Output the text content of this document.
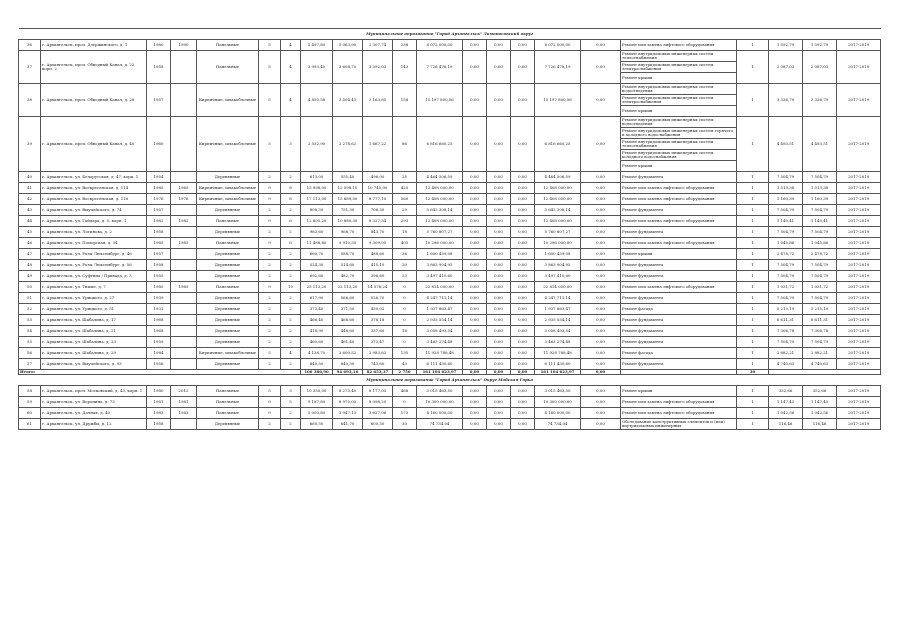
Муниципальное образование "Город Архангельск" Ломоносовский округ																					
36	г. Архангельск, прсп. Дзержинского, д. 1	1980	1990	Панельные	5	4	5 497,80	5 063,90	2 307,74	238	8 072 000,00	0,00	0,00	0,00	8 072 000,00	0,00	Ремонт или замена лифтового оборудования	1	1 592,79	1 592,79	2017-2019
37	г. Архангельск, прсп. Обводный Канал, д. 22, корп. 2	1958		Панельные	5	4	3 993,40	3 608,70	3 392,03	143	7 726 478,19	0,00	0,00	0,00	7 726 478,19	0,00	Ремонт внутридомовых инженерных систем теплоснабжения	1	2 087,03	2 087,03	2017-2019
																	Ремонт внутридомовых инженерных систем электроснабжения				
																	Ремонт крыши				
38	г. Архангельск, прсп. Обводный Канал, д. 28	1957		Кирпичные, шлакоблочные	5	4	4 850,58	3 504,43	3 163,85	158	15 197 800,56	0,00	0,00	0,00	15 197 800,56	0,00	Ремонт внутридомовых инженерных систем водоотведения	1	3 336,79	3 336,79	2017-2019
																	Ремонт внутридомовых инженерных систем электроснабжения				
																	Ремонт крыши				
39	г. Архангельск, прсп. Обводный Канал, д. 40	1960		Кирпичные, шлакоблочные	5	3	2 552,90	2 278,62	1 667,22	86	6 816 660,25	0,00	0,00	0,00	6 816 660,25	0,00	Ремонт внутридомовых инженерных систем водоотведения	1	4 493,51	4 493,51	2017-2019
																	Ремонт внутридомовых инженерных систем горячего и холодного водоснабжения				
																	Ремонт внутридомовых инженерных систем теплоснабжения				
																	Ремонт внутридомовых инженерных систем холодного водоснабжения				
																	Ремонт крыши				
40	г. Архангельск, ул. Белорусская, д. 47, корп. 1	1954		Деревянные	2	2	613,00	555,40	496,00	25	4 464 506,59	0,00	0,00	0,00	4 464 506,59	0,00	Ремонт фундамента	1	7 504,79	7 504,79	2017-2019
41	г. Архангельск, ул. Воскресенская, д. 114	1985	1985	Кирпичные, шлакоблочные	9	8	15 998,00	12 598,10	10 745,00	425	12 408 000,00	0,00	0,00	0,00	12 408 000,00	0,00	Ремонт или замена лифтового оборудования	1	1 513,38	1 513,38	2017-2019
42	г. Архангельск, ул. Воскресенская, д. 116	1976	1976	Кирпичные, шлакоблочные	9	8	17 113,00	15 689,50	8 777,10	560	12 408 000,00	0,00	0,00	0,00	12 408 000,00	0,00	Ремонт или замена лифтового оборудования	1	1 160,39	1 160,39	2017-2019
43	г. Архангельск, ул. Выучейского, д. 74	1957		Деревянные	2	2	808,50	751,30	706,30	29	5 642 308,14	0,00	0,00	0,00	5 642 308,14	0,00	Ремонт фундамента	1	7 504,79	7 504,79	2017-2019
44	г. Архангельск, ул. Гайдара, д. 5, корп. 1	1982	1982	Панельные	9	6	12 895,20	10 880,30	8 327,34	293	12 408 000,00	0,00	0,00	0,00	12 408 000,00	0,00	Ремонт или замена лифтового оборудования	1	1 140,41	1 140,41	2017-2019
45	г. Архангельск, ул. Логинова, д. 2	1958		Деревянные	2	2	983,60	968,70	843,70	18	5 760 807,27	0,00	0,00	0,00	5 760 807,27	0,00	Ремонт фундамента	1	7 504,79	7 504,79	2017-2019
46	г. Архангельск, ул. Поморская, д. 34	1985	1985	Панельные	9	6	11 488,80	9 910,50	9 309,95	405	10 296 000,00	0,00	0,00	0,00	10 296 000,00	0,00	Ремонт или замена лифтового оборудования	1	1 045,86	1 045,86	2017-2019
47	г. Архангельск, ул. Розы Люксембург, д. 46	1957		Деревянные	2	2	660,70	588,70	488,60	36	1 600 459,08	0,00	0,00	0,00	1 600 459,08	0,00	Ремонт крыши	1	2 478,72	2 478,72	2017-2019
48	г. Архангельск, ул. Розы Люксембург, д. 56	1958		Деревянные	2	2	524,30	514,80	415,10	20	3 863 904,95	0,00	0,00	0,00	3 863 904,95	0,00	Ремонт фундамента	1	7 504,79	7 504,79	2017-2019
49	г. Архангельск, ул. Суфтина / Привада, д. 3	1955		Деревянные	2	2	692,60	482,70	396,60	23	3 497 410,60	0,00	0,00	0,00	3 497 410,60	0,00	Ремонт фундамента	1	7 504,79	7 504,79	2017-2019
50	г. Архангельск, ул. Тимме, д. 7	1985	1985	Панельные	9	10	25 113,20	22 113,20	14 578,24	0	22 814 000,00	0,00	0,00	0,00	22 814 000,00	0,00	Ремонт или замена лифтового оборудования	1	1 031,72	1 031,72	2017-2019
51	г. Архангельск, ул. Урицкого, д. 27	1939		Деревянные	2	2	617,90	566,60	526,70	0	4 247 711,14	0,00	0,00	0,00	4 247 711,14	0,00	Ремонт фундамента	1	7 504,79	7 504,79	2017-2019
52	г. Архангельск, ул. Урицкого, д. 51	1931		Деревянные	2	2	373,40	371,50	430,02	0	1 937 863,47	0,00	0,00	0,00	1 937 863,47	0,00	Ремонт фасада	1	5 215,19	5 215,19	2017-2019
53	г. Архангельск, ул. Шабалина, д. 17	1968		Деревянные	2	2	466,40	468,60	378,18	0	2 935 554,14	0,00	0,00	0,00	2 935 554,14	0,00	Ремонт фундамента	1	6 611,31	6 611,31	2017-2019
54	г. Архангельск, ул. Шабалина, д. 21	1968		Деревянные	2	2	418,90	448,60	337,60	18	3 058 493,54	0,00	0,00	0,00	3 058 493,54	0,00	Ремонт фундамента	1	7 306,78	7 306,78	2017-2019
55	г. Архангельск, ул. Шабалина, д. 23	1959		Деревянные	2	2	460,60	461,40	373,47	0	3 463 274,48	0,00	0,00	0,00	3 463 274,48	0,00	Ремонт фундамента	1	7 504,79	7 504,79	2017-2019
56	г. Архангельск, ул. Шабалина, д. 29	1984		Кирпичные, шлакоблочные	5	4	4 138,70	3 600,52	2 983,83	135	11 928 788,48	0,00	0,00	0,00	11 928 788,48	0,00	Ремонт фасада	1	2 882,21	2 882,21	2017-2019
57	г. Архангельск, ул. Выучейского, д. 93	1956		Деревянные	2	2	840,50	840,50	743,60	43	6 111 430,60	0,00	0,00	0,00	6 111 430,60	0,00	Ремонт фундамента	1	4 740,63	4 740,63	2017-2019
Итого:							106 386,90	94 693,16	82 653,37	2 750	161 104 623,97	0,00	0,00	0,00	161 104 623,97	0,00		30			
Муниципальное образование "Город Архангельск" Округ Майская Горка																					
58	г. Архангельск, прсп. Московский, д. 43, корп. 1	1980	2012	Панельные	5	3	10 350,00	8 273,40	8 177,03	468	3 015 463,50	0,00	0,00	0,00	3 015 463,50	0,00	Ремонт крыши	1	352,66	352,66	2017-2019
59	г. Архангельск, ул. Воронина, д. 73	1981	1981	Панельные	9	5	9 187,80	8 970,00	8 098,20	0	10 300 000,00	0,00	0,00	0,00	10 300 000,00	0,00	Ремонт или замена лифтового оборудования	1	1 147,43	1 147,43	2017-2019
60	г. Архангельск, ул. Дачная, д. 40	1983	1983	Панельные	9	2	5 000,80	3 947,13	3 627,06	173	4 160 000,00	0,00	0,00	0,00	4 160 000,00	0,00	Ремонт или замена лифтового оборудования	1	1 042,56	1 042,56	2017-2019
61	г. Архангельск, ул. Дружбы, д. 12	1958		Деревянные	2	2	660,50	641,70	600,50	30	74 734,04	0,00	0,00	0,00	74 734,04	0,00	Обследование конструктивных элементов и (или) внутридомовых инженерных	1	116,46	116,46	2017-2019
